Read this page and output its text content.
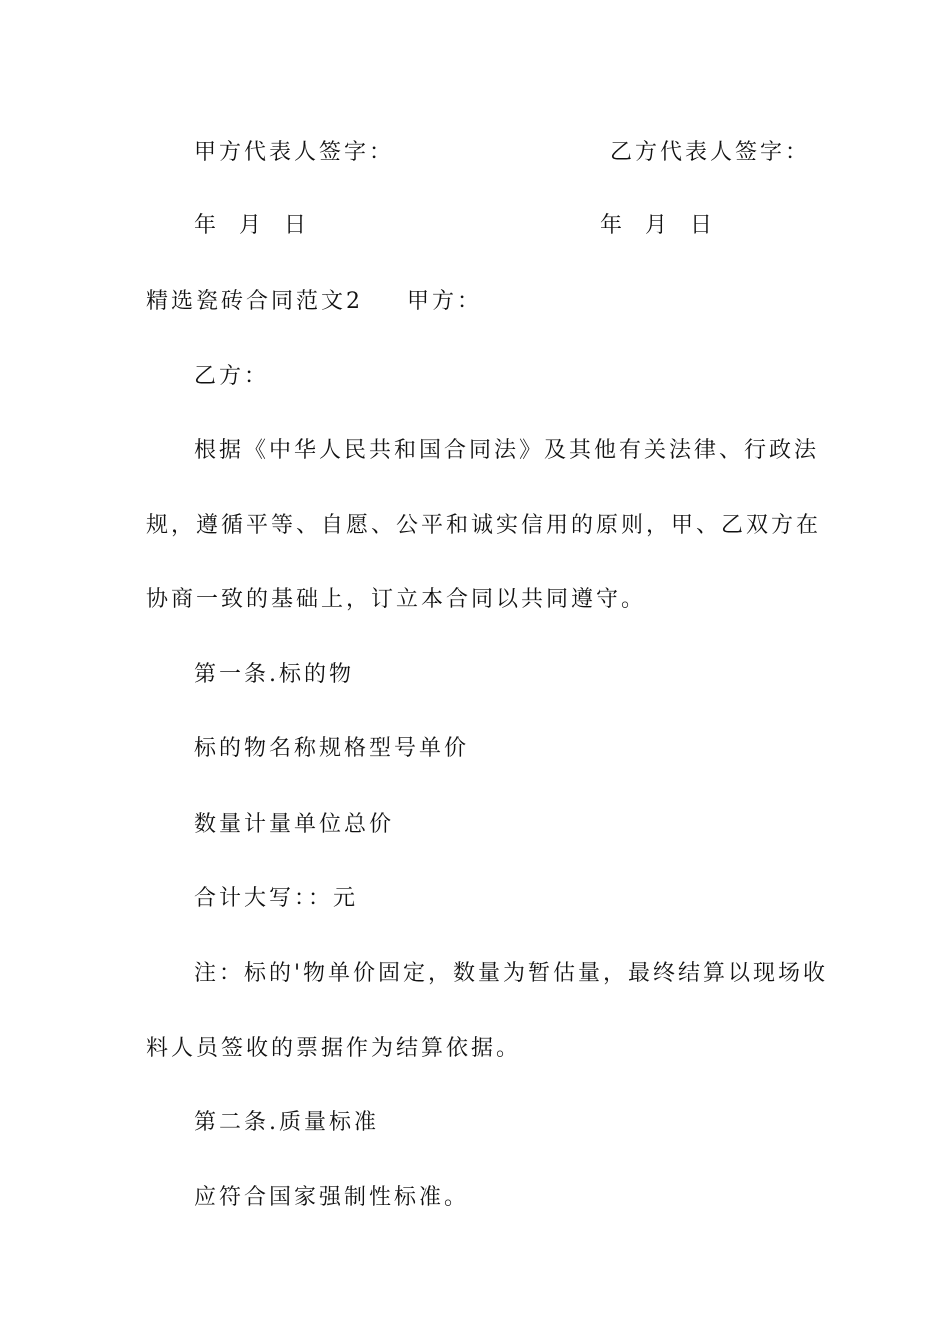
甲方代表人签字：	乙方代表人签字：
年 月 日	年 月 日
精选瓷砖合同范文2 甲方：
乙方：
根据《中华人民共和国合同法》及其他有关法律、行政法
规，遵循平等、自愿、公平和诚实信用的原则，甲、乙双方在
协商一致的基础上，订立本合同以共同遵守。
第一条.标的物
标的物名称规格型号单价
数量计量单位总价
合计大写：：元
注：标的'物单价固定，数量为暂估量，最终结算以现场收
料人员签收的票据作为结算依据。
第二条.质量标准
应符合国家强制性标准。
